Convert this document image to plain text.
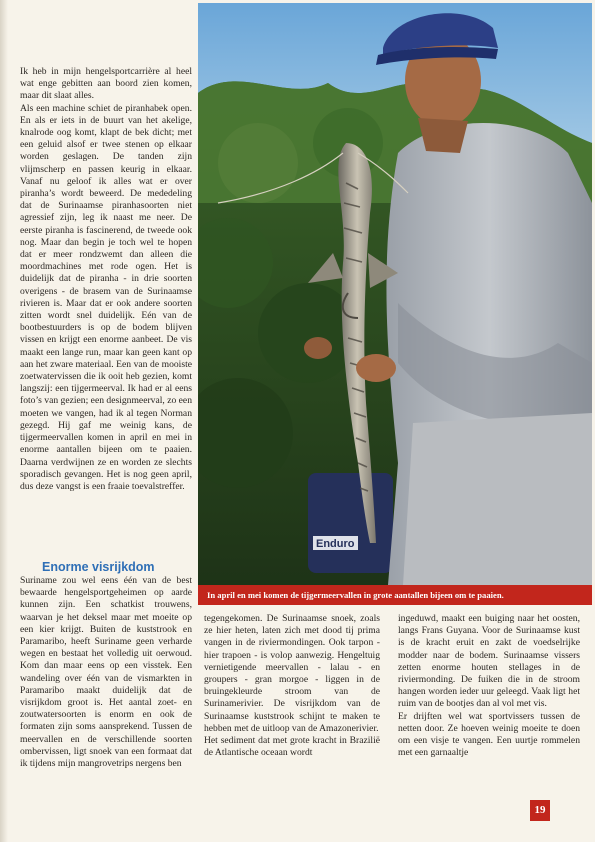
Ik heb in mijn hengelsportcarrière al heel wat enge gebitten aan boord zien komen, maar dit slaat alles.

Als een machine schiet de piranhabek open. En als er iets in de buurt van het akelige, knalrode oog komt, klapt de bek dicht; met een geluid alsof er twee stenen op elkaar worden geslagen. De tanden zijn vlijmscherp en passen keurig in elkaar. Vanaf nu geloof ik alles wat er over piranha’s wordt beweerd. De mededeling dat de Surinaamse piranhasoorten niet agressief zijn, leg ik naast me neer. De eerste piranha is fascinerend, de tweede ook nog. Maar dan begin je toch wel te hopen dat er meer rondzwemt dan alleen die moordmachines met rode ogen. Het is duidelijk dat de piranha - in drie soorten overigens - de brasem van de Surinaamse rivieren is. Maar dat er ook andere soorten zitten wordt snel duidelijk. Eén van de bootbestuurders is op de bodem blijven vissen en krijgt een enorme aanbeet. De vis maakt een lange run, maar kan geen kant op aan het zware materiaal. Een van de mooiste zoetwatervissen die ik ooit heb gezien, komt langszij: een tijgermeerval. Ik had er al eens foto’s van gezien; een designmeerval, zo een moeten we vangen, had ik al tegen Norman gezegd. Hij gaf me weinig kans, de tijgermeervallen komen in april en mei in enorme aantallen bijeen om te paaien. Daarna verdwijnen ze en worden ze slechts sporadisch gevangen. Het is nog geen april, dus deze vangst is een fraaie toevalstreffer.

Enorme visrijkdom

Suriname zou wel eens één van de best bewaarde hengelsportgeheimen op aarde kunnen zijn. Een schatkist trouwens, waarvan je het deksel maar met moeite op een kier krijgt. Buiten de kuststrook en Paramaribo, heeft Suriname geen verharde wegen en bestaat het volledig uit oerwoud. Kom dan maar eens op een visstek. Een wandeling over één van de vismarkten in Paramaribo maakt duidelijk dat de visrijkdom groot is. Het aantal zoet- en zoutwatersoorten is enorm en ook de formaten zijn soms aansprekend. Tussen de meervallen en de verschillende soorten ombervissen, ligt snoek van een formaat dat ik tijdens mijn mangrovetrips nergens ben

Enduro
In april en mei komen de tijgermeervallen in grote aantallen bijeen om te paaien.

tegengekomen. De Surinaamse snoek, zoals ze hier heten, laten zich met dood tij prima vangen in de riviermondingen. Ook tarpon - hier trapoen - is volop aanwezig. Hengeltuig vernietigende meervallen - lalau - en groupers - gran morgoe - liggen in de bruingekleurde stroom van de Surinamerivier. De visrijkdom van de Surinaamse kuststrook schijnt te maken te hebben met de uitloop van de Amazonerivier.
Het sediment dat met grote kracht in Brazilië de Atlantische oceaan wordt

ingeduwd, maakt een buiging naar het oosten, langs Frans Guyana. Voor de Surinaamse kust is de kracht eruit en zakt de voedselrijke modder naar de bodem. Surinaamse vissers zetten enorme houten stellages in de riviermonding. De fuiken die in de stroom hangen worden ieder uur geleegd. Vaak ligt het ruim van de bootjes dan al vol met vis.
Er drijften wel wat sportvissers tussen de netten door. Ze hoeven weinig moeite te doen om een visje te vangen. Een uurtje rommelen met een garnaaltje

19
